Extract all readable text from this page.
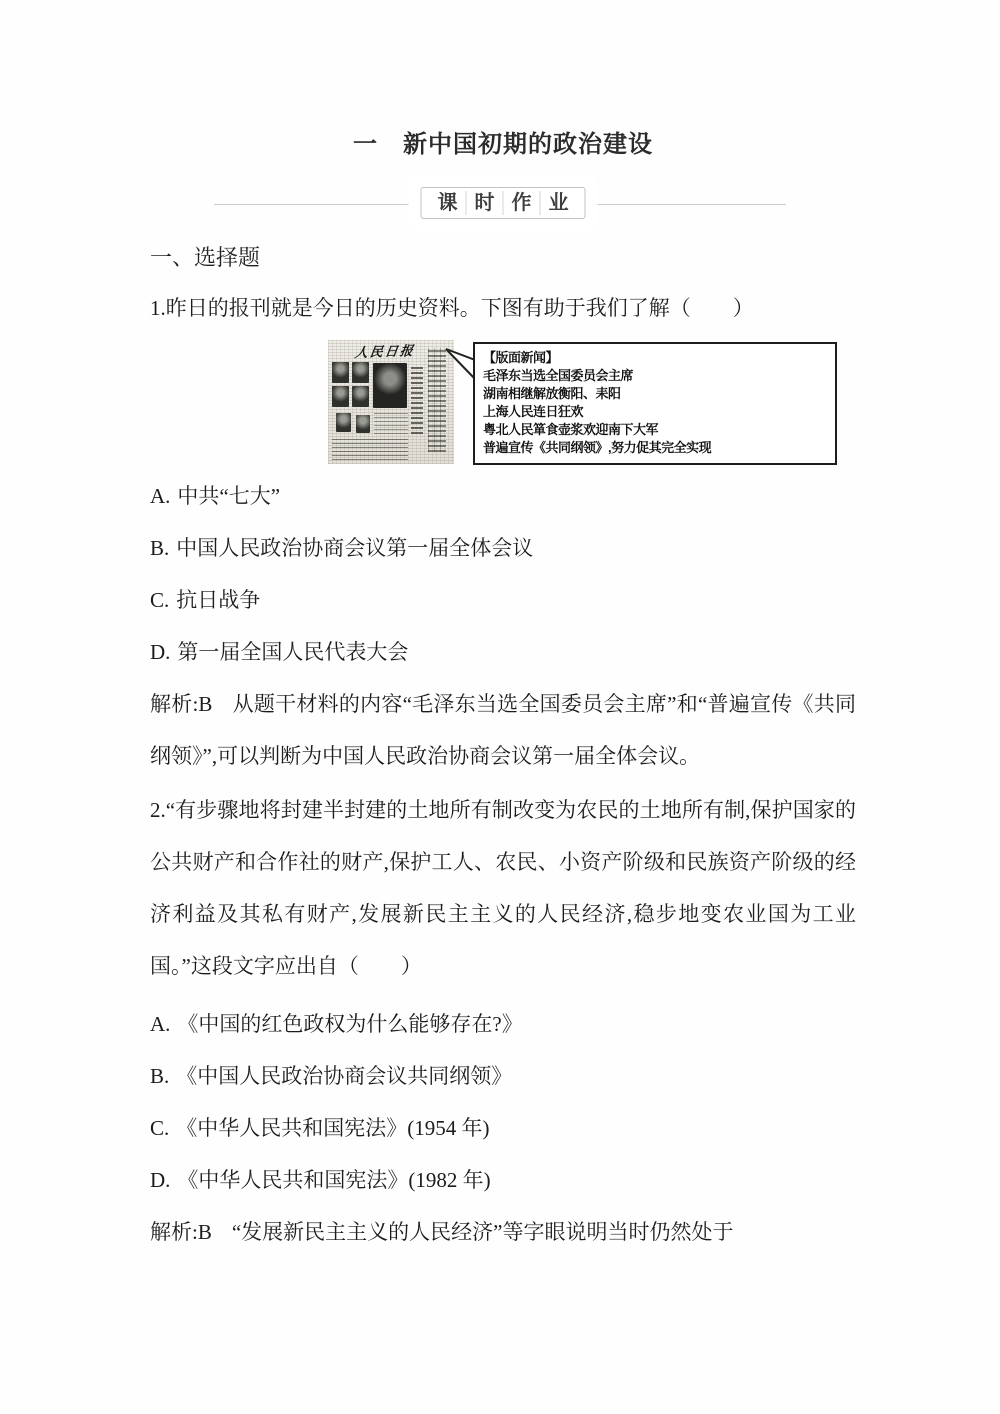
一　新中国初期的政治建设
课 时 作 业
一、选择题

1.昨日的报刊就是今日的历史资料。下图有助于我们了解（　　）

人民日报	【版面新闻】
毛泽东当选全国委员会主席
湖南相继解放衡阳、耒阳
上海人民连日狂欢
粤北人民箪食壶浆欢迎南下大军
普遍宣传《共同纲领》,努力促其完全实现

A. 中共“七大”

B. 中国人民政治协商会议第一届全体会议

C. 抗日战争

D. 第一届全国人民代表大会

解析:B 从题干材料的内容“毛泽东当选全国委员会主席”和“普遍宣传《共同纲领》”,可以判断为中国人民政治协商会议第一届全体会议。

2.“有步骤地将封建半封建的土地所有制改变为农民的土地所有制,保护国家的公共财产和合作社的财产,保护工人、农民、小资产阶级和民族资产阶级的经济利益及其私有财产,发展新民主主义的人民经济,稳步地变农业国为工业国。”这段文字应出自（　　）

A. 《中国的红色政权为什么能够存在?》

B. 《中国人民政治协商会议共同纲领》

C. 《中华人民共和国宪法》(1954 年)

D. 《中华人民共和国宪法》(1982 年)

解析:B “发展新民主主义的人民经济”等字眼说明当时仍然处于
